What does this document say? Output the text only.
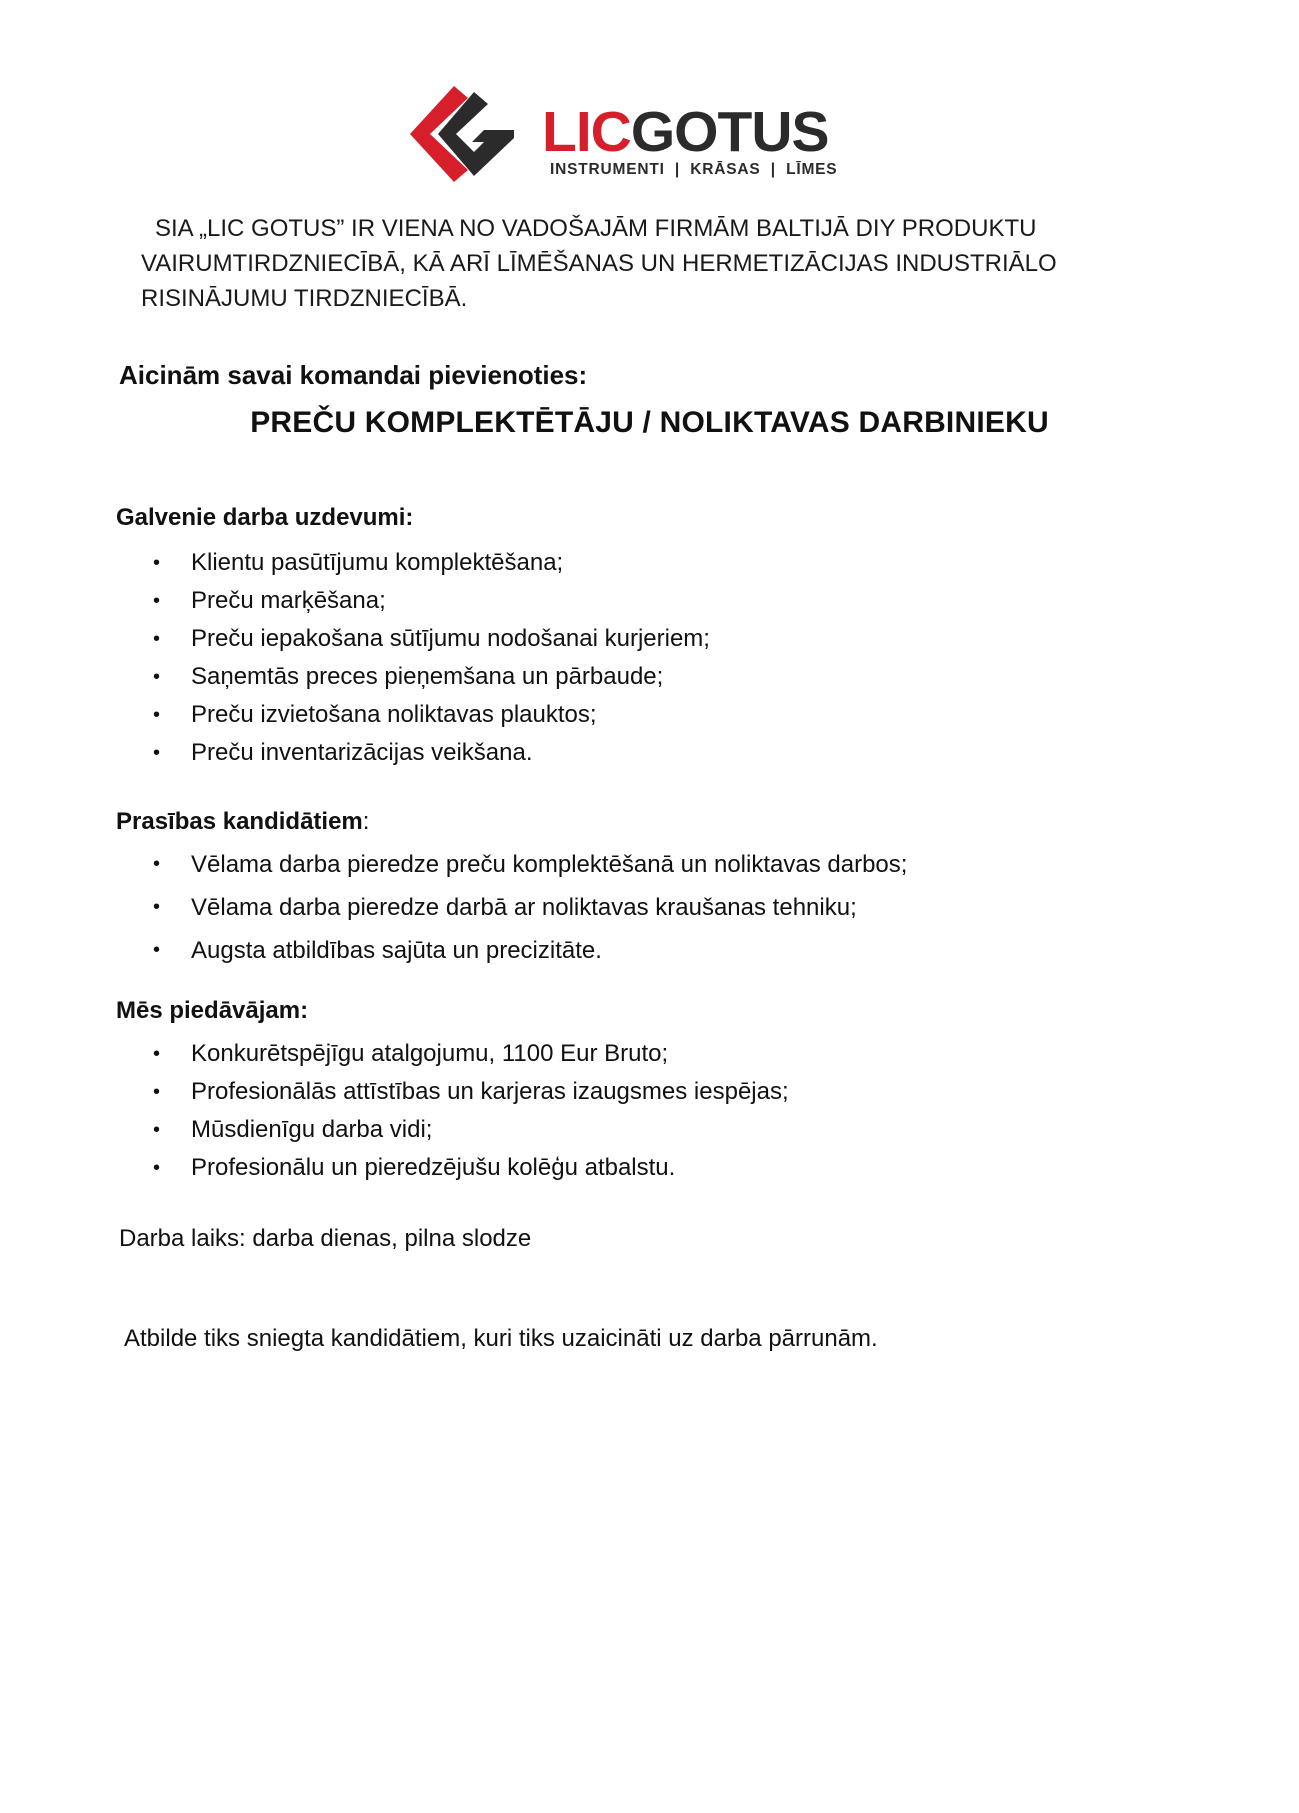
LICGOTUS
INSTRUMENTI  |  KRĀSAS  |  LĪMES

SIA „LIC GOTUS” IR VIENA NO VADOŠAJĀM FIRMĀM BALTIJĀ DIY PRODUKTU
VAIRUMTIRDZNIECĪBĀ, KĀ ARĪ LĪMĒŠANAS UN HERMETIZĀCIJAS INDUSTRIĀLO
RISINĀJUMU TIRDZNIECĪBĀ.

Aicinām savai komandai pievienoties:

PREČU KOMPLEKTĒTĀJU / NOLIKTAVAS DARBINIEKU
Galvenie darba uzdevumi:
• Klientu pasūtījumu komplektēšana;
• Preču marķēšana;
• Preču iepakošana sūtījumu nodošanai kurjeriem;
• Saņemtās preces pieņemšana un pārbaude;
• Preču izvietošana noliktavas plauktos;
• Preču inventarizācijas veikšana.
Prasības kandidātiem:
• Vēlama darba pieredze preču komplektēšanā un noliktavas darbos;
• Vēlama darba pieredze darbā ar noliktavas kraušanas tehniku;
• Augsta atbildības sajūta un precizitāte.
Mēs piedāvājam:
• Konkurētspējīgu atalgojumu, 1100 Eur Bruto;
• Profesionālās attīstības un karjeras izaugsmes iespējas;
• Mūsdienīgu darba vidi;
• Profesionālu un pieredzējušu kolēģu atbalstu.

Darba laiks: darba dienas, pilna slodze

Atbilde tiks sniegta kandidātiem, kuri tiks uzaicināti uz darba pārrunām.
